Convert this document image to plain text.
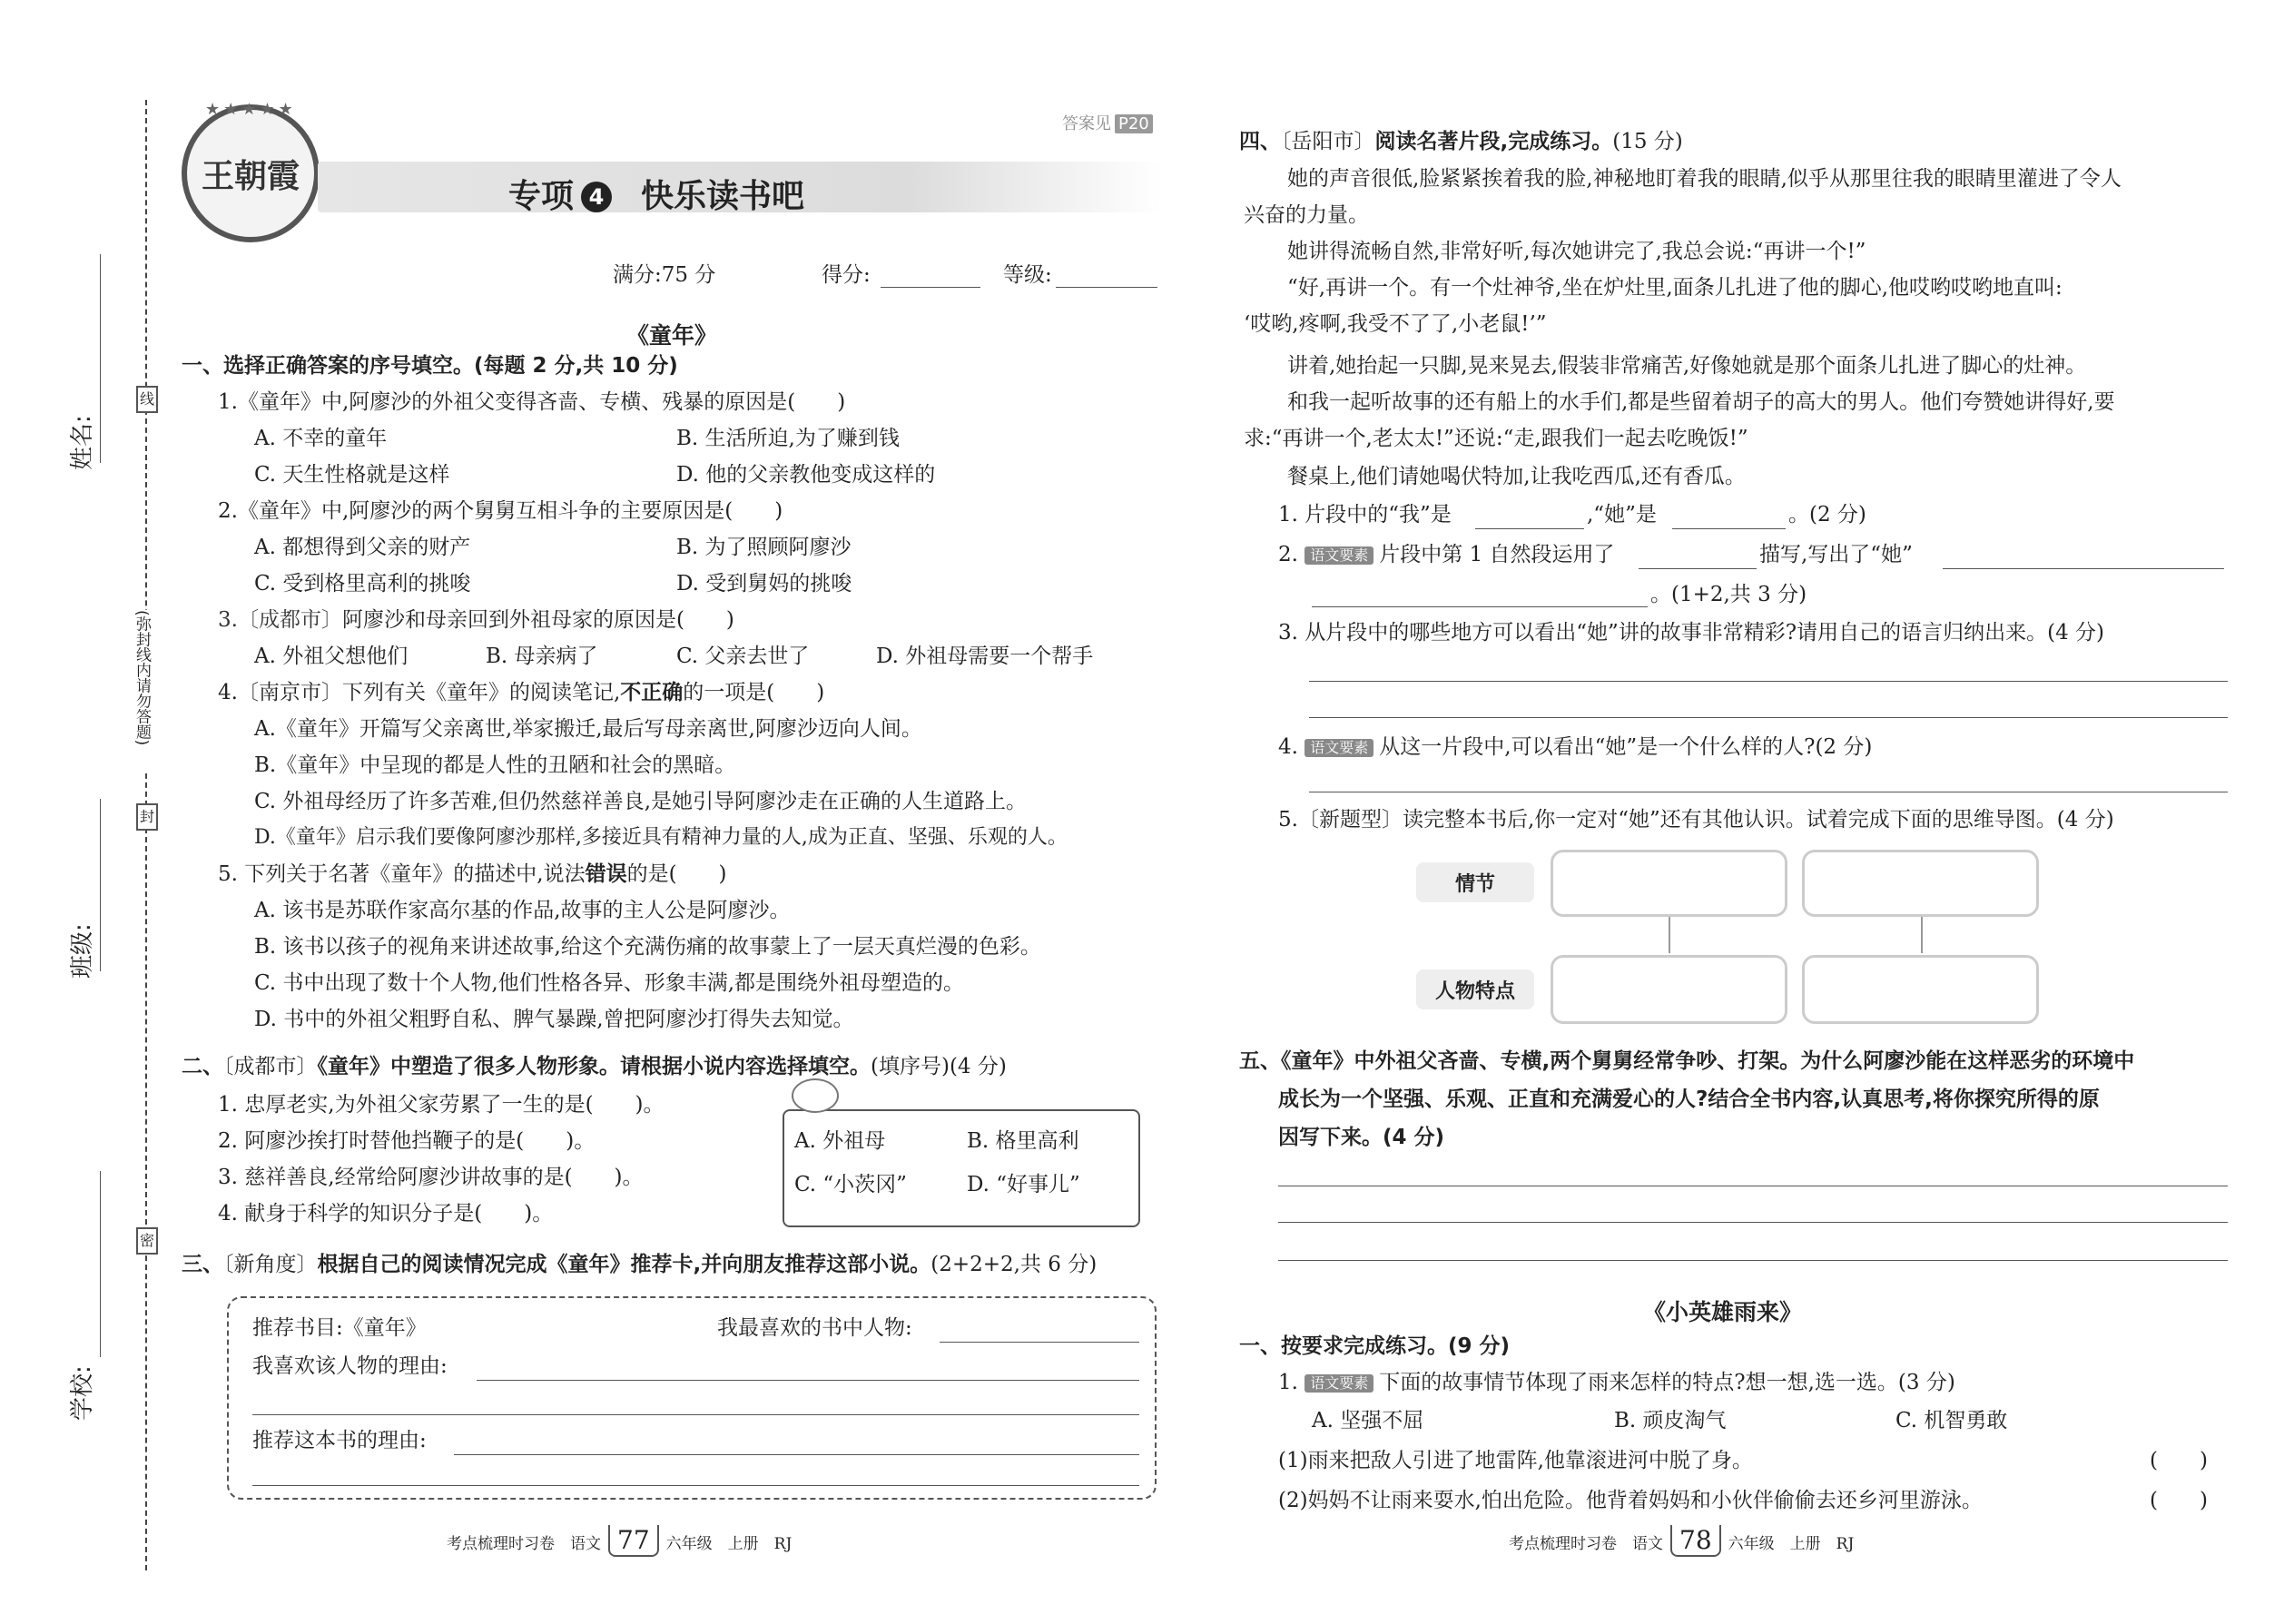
线
封
密
(弥封线内请勿答题)
姓名:
班级:
学校:
王朝霞
★★★★★
专项 4 快乐读书吧
答案见 P20
满分:75 分	得分:	等级:
《童年》
一、选择正确答案的序号填空。(每题 2 分,共 10 分)
1.《童年》中,阿廖沙的外祖父变得吝啬、专横、残暴的原因是(　　)
A. 不幸的童年	B. 生活所迫,为了赚到钱
C. 天生性格就是这样	D. 他的父亲教他变成这样的
2.《童年》中,阿廖沙的两个舅舅互相斗争的主要原因是(　　)
A. 都想得到父亲的财产	B. 为了照顾阿廖沙
C. 受到格里高利的挑唆	D. 受到舅妈的挑唆
3.〔成都市〕阿廖沙和母亲回到外祖母家的原因是(　　)
A. 外祖父想他们	B. 母亲病了	C. 父亲去世了	D. 外祖母需要一个帮手
4.〔南京市〕下列有关《童年》的阅读笔记,不正确的一项是(　　)
A.《童年》开篇写父亲离世,举家搬迁,最后写母亲离世,阿廖沙迈向人间。
B.《童年》中呈现的都是人性的丑陋和社会的黑暗。
C. 外祖母经历了许多苦难,但仍然慈祥善良,是她引导阿廖沙走在正确的人生道路上。
D.《童年》启示我们要像阿廖沙那样,多接近具有精神力量的人,成为正直、坚强、乐观的人。
5. 下列关于名著《童年》的描述中,说法错误的是(　　)
A. 该书是苏联作家高尔基的作品,故事的主人公是阿廖沙。
B. 该书以孩子的视角来讲述故事,给这个充满伤痛的故事蒙上了一层天真烂漫的色彩。
C. 书中出现了数十个人物,他们性格各异、形象丰满,都是围绕外祖母塑造的。
D. 书中的外祖父粗野自私、脾气暴躁,曾把阿廖沙打得失去知觉。
二、〔成都市〕《童年》中塑造了很多人物形象。请根据小说内容选择填空。(填序号)(4 分)
1. 忠厚老实,为外祖父家劳累了一生的是(　　)。
2. 阿廖沙挨打时替他挡鞭子的是(　　)。
3. 慈祥善良,经常给阿廖沙讲故事的是(　　)。
4. 献身于科学的知识分子是(　　)。
A. 外祖母	B. 格里高利
C. “小茨冈”	D. “好事儿”
三、〔新角度〕根据自己的阅读情况完成《童年》推荐卡,并向朋友推荐这部小说。(2+2+2,共 6 分)
推荐书目:《童年》	我最喜欢的书中人物:
我喜欢该人物的理由:
推荐这本书的理由:
考点梳理时习卷　语文 77 六年级　上册　RJ
四、〔岳阳市〕阅读名著片段,完成练习。(15 分)
她的声音很低,脸紧紧挨着我的脸,神秘地盯着我的眼睛,似乎从那里往我的眼睛里灌进了令人
兴奋的力量。
她讲得流畅自然,非常好听,每次她讲完了,我总会说:“再讲一个!”
“好,再讲一个。有一个灶神爷,坐在炉灶里,面条儿扎进了他的脚心,他哎哟哎哟地直叫:
‘哎哟,疼啊,我受不了了,小老鼠!’”
讲着,她抬起一只脚,晃来晃去,假装非常痛苦,好像她就是那个面条儿扎进了脚心的灶神。
和我一起听故事的还有船上的水手们,都是些留着胡子的高大的男人。他们夸赞她讲得好,要
求:“再讲一个,老太太!”还说:“走,跟我们一起去吃晚饭!”
餐桌上,他们请她喝伏特加,让我吃西瓜,还有香瓜。
1. 片段中的“我”是	,“她”是	。(2 分)
2. 语文要素 片段中第 1 自然段运用了	描写,写出了“她”
。(1+2,共 3 分)
3. 从片段中的哪些地方可以看出“她”讲的故事非常精彩?请用自己的语言归纳出来。(4 分)
4. 语文要素 从这一片段中,可以看出“她”是一个什么样的人?(2 分)
5.〔新题型〕读完整本书后,你一定对“她”还有其他认识。试着完成下面的思维导图。(4 分)
情节
人物特点
五、《童年》中外祖父吝啬、专横,两个舅舅经常争吵、打架。为什么阿廖沙能在这样恶劣的环境中
成长为一个坚强、乐观、正直和充满爱心的人?结合全书内容,认真思考,将你探究所得的原
因写下来。(4 分)
《小英雄雨来》
一、按要求完成练习。(9 分)
1. 语文要素 下面的故事情节体现了雨来怎样的特点?想一想,选一选。(3 分)
A. 坚强不屈	B. 顽皮淘气	C. 机智勇敢
(1)雨来把敌人引进了地雷阵,他靠滚进河中脱了身。	(　　)
(2)妈妈不让雨来耍水,怕出危险。他背着妈妈和小伙伴偷偷去还乡河里游泳。	(　　)
考点梳理时习卷　语文 78 六年级　上册　RJ
